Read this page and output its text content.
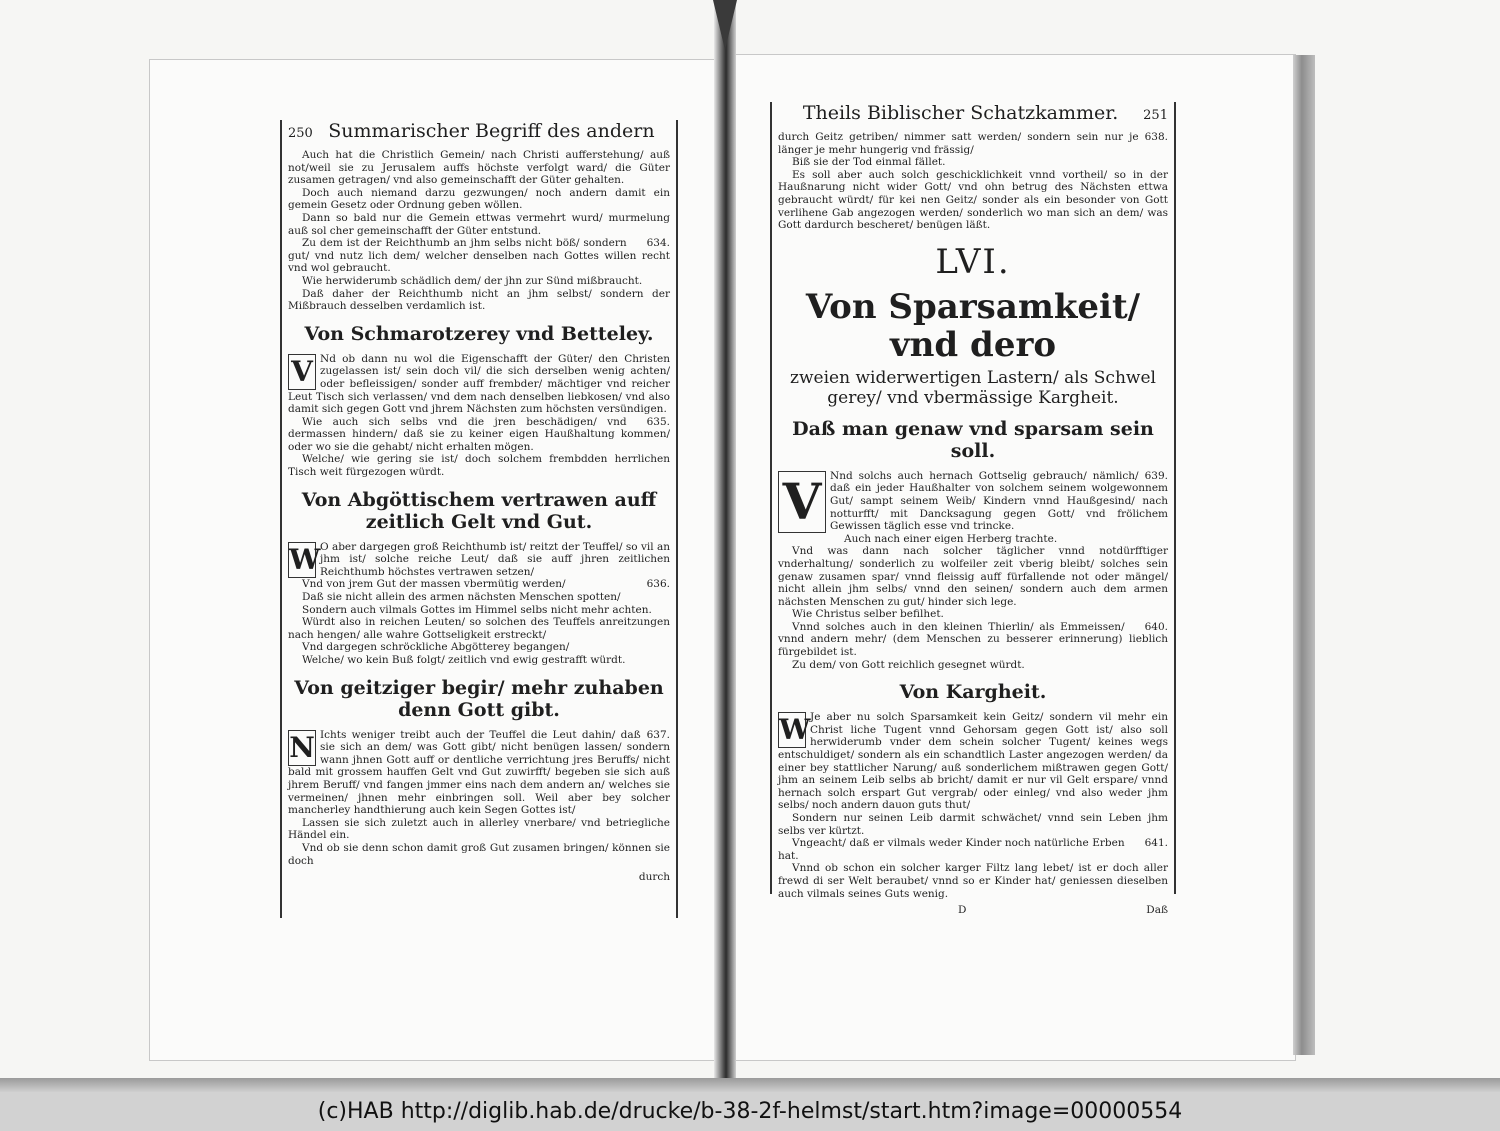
250 Summarischer Begriff des andern

Auch hat die Christlich Gemein/ nach Christi aufferstehung/ auß not/weil sie zu Jerusalem auffs höchste verfolgt ward/ die Güter zusamen getragen/ vnd also gemeinschafft der Güter gehalten.

Doch auch niemand darzu gezwungen/ noch andern damit ein gemein Gesetz oder Ordnung geben wöllen.

Dann so bald nur die Gemein ettwas vermehrt wurd/ murmelung auß sol cher gemeinschafft der Güter entstund.

634.
Zu dem ist der Reichthumb an jhm selbs nicht böß/ sondern gut/ vnd nutz lich dem/ welcher denselben nach Gottes willen recht vnd wol gebraucht.

Wie herwiderumb schädlich dem/ der jhn zur Sünd mißbraucht.

Daß daher der Reichthumb nicht an jhm selbst/ sondern der Mißbrauch desselben verdamlich ist.

Von Schmarotzerey vnd Betteley.

V Nd ob dann nu wol die Eigenschafft der Güter/ den Christen zugelassen ist/ sein doch vil/ die sich derselben wenig achten/ oder befleissigen/ sonder auff frembder/ mächtiger vnd reicher Leut Tisch sich verlassen/ vnd dem nach denselben liebkosen/ vnd also damit sich gegen Gott vnd jhrem Nächsten zum höchsten versündigen.

635.
Wie auch sich selbs vnd die jren beschädigen/ vnd dermassen hindern/ daß sie zu keiner eigen Haußhaltung kommen/ oder wo sie die gehabt/ nicht erhalten mögen.

Welche/ wie gering sie ist/ doch solchem frembdden herrlichen Tisch weit fürgezogen würdt.

Von Abgöttischem vertrawen auff zeitlich Gelt vnd Gut.

W O aber dargegen groß Reichthumb ist/ reitzt der Teuffel/ so vil an jhm ist/ solche reiche Leut/ daß sie auff jhren zeitlichen Reichthumb höchstes vertrawen setzen/

636.
Vnd von jrem Gut der massen vbermütig werden/

Daß sie nicht allein des armen nächsten Menschen spotten/

Sondern auch vilmals Gottes im Himmel selbs nicht mehr achten.

Würdt also in reichen Leuten/ so solchen des Teuffels anreitzungen nach hengen/ alle wahre Gottseligkeit erstreckt/

Vnd dargegen schröckliche Abgötterey begangen/

Welche/ wo kein Buß folgt/ zeitlich vnd ewig gestrafft würdt.

Von geitziger begir/ mehr zuhaben denn Gott gibt.

N	637.
Ichts weniger treibt auch der Teuffel die Leut dahin/ daß sie sich an dem/ was Gott gibt/ nicht benügen lassen/ sondern wann jhnen Gott auff or dentliche verrichtung jres Beruffs/ nicht bald mit grossem hauffen Gelt vnd Gut zuwirfft/ begeben sie sich auß jhrem Beruff/ vnd fangen jmmer eins nach dem andern an/ welches sie vermeinen/ jhnen mehr einbringen soll. Weil aber bey solcher mancherley handthierung auch kein Segen Gottes ist/

Lassen sie sich zuletzt auch in allerley vnerbare/ vnd betriegliche Händel ein.

Vnd ob sie denn schon damit groß Gut zusamen bringen/ können sie doch

durch
Theils Biblischer Schatzkammer. 251

638.
durch Geitz getriben/ nimmer satt werden/ sondern sein nur je länger je mehr hungerig vnd frässig/

Biß sie der Tod einmal fället.

Es soll aber auch solch geschicklichkeit vnnd vortheil/ so in der Haußnarung nicht wider Gott/ vnd ohn betrug des Nächsten ettwa gebraucht würdt/ für kei nen Geitz/ sonder als ein besonder von Gott verlihene Gab angezogen werden/ sonderlich wo man sich an dem/ was Gott dardurch bescheret/ benügen läßt.

LVI.
Von Sparsamkeit/ vnd dero
zweien widerwertigen Lastern/ als Schwel gerey/ vnd vbermässige Kargheit.
Daß man genaw vnd sparsam sein soll.

V	639.
Nnd solchs auch hernach Gottselig gebrauch/ nämlich/ daß ein jeder Haußhalter von solchem seinem wolgewonnem Gut/ sampt seinem Weib/ Kindern vnnd Haußgesind/ nach notturfft/ mit Dancksagung gegen Gott/ vnd frölichem Gewissen täglich esse vnd trincke.

Auch nach einer eigen Herberg trachte.

Vnd was dann nach solcher täglicher vnnd notdürfftiger vnderhaltung/ sonderlich zu wolfeiler zeit vberig bleibt/ solches sein genaw zusamen spar/ vnnd fleissig auff fürfallende not oder mängel/ nicht allein jhm selbs/ vnnd den seinen/ sondern auch dem armen nächsten Menschen zu gut/ hinder sich lege.

Wie Christus selber befilhet.

640.
Vnnd solches auch in den kleinen Thierlin/ als Emmeissen/ vnnd andern mehr/ (dem Menschen zu besserer erinnerung) lieblich fürgebildet ist.

Zu dem/ von Gott reichlich gesegnet würdt.

Von Kargheit.

W Je aber nu solch Sparsamkeit kein Geitz/ sondern vil mehr ein Christ liche Tugent vnnd Gehorsam gegen Gott ist/ also soll herwiderumb vnder dem schein solcher Tugent/ keines wegs entschuldiget/ sondern als ein schandtlich Laster angezogen werden/ da einer bey stattlicher Narung/ auß sonderlichem mißtrawen gegen Gott/ jhm an seinem Leib selbs ab bricht/ damit er nur vil Gelt erspare/ vnnd hernach solch erspart Gut vergrab/ oder einleg/ vnd also weder jhm selbs/ noch andern dauon guts thut/

Sondern nur seinen Leib darmit schwächet/ vnnd sein Leben jhm selbs ver kürtzt.

641.
Vngeacht/ daß er vilmals weder Kinder noch natürliche Erben hat.

Vnnd ob schon ein solcher karger Filtz lang lebet/ ist er doch aller frewd di ser Welt beraubet/ vnnd so er Kinder hat/ geniessen dieselben auch vilmals seines Guts wenig.

D	Daß
(c)HAB http://diglib.hab.de/drucke/b-38-2f-helmst/start.htm?image=00000554
